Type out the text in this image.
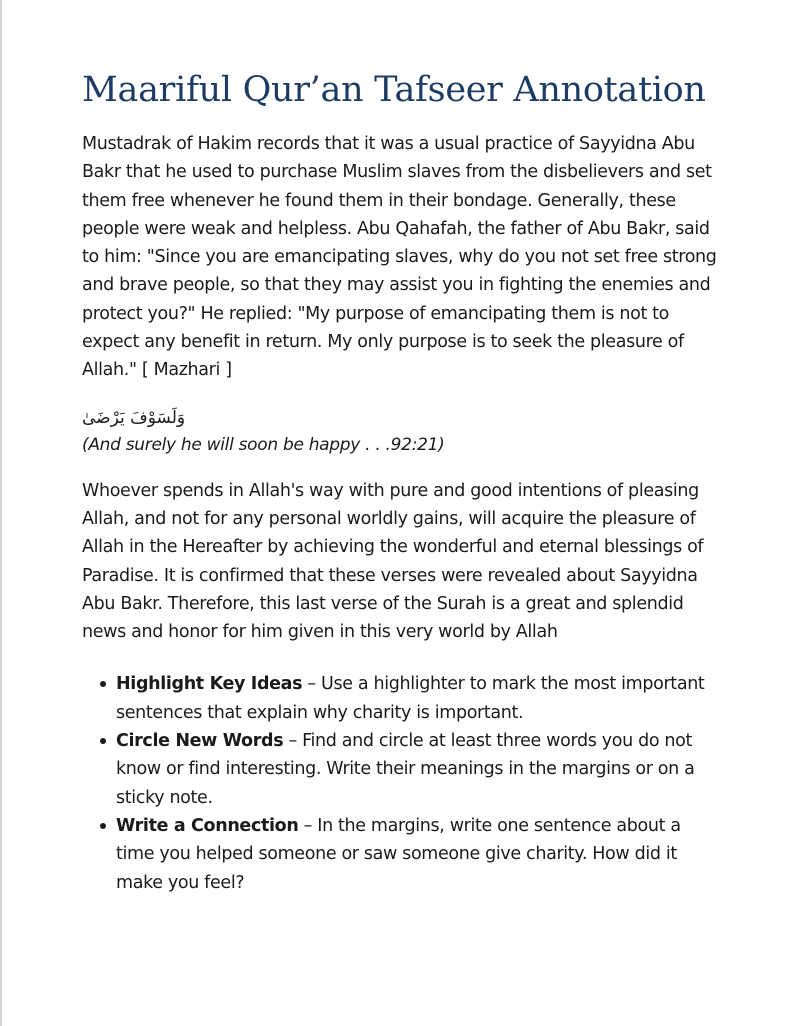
Maariful Qur’an Tafseer Annotation

Mustadrak of Hakim records that it was a usual practice of Sayyidna Abu Bakr that he used to purchase Muslim slaves from the disbelievers and set them free whenever he found them in their bondage. Generally, these people were weak and helpless. Abu Qahafah, the father of Abu Bakr, said to him: "Since you are emancipating slaves, why do you not set free strong and brave people, so that they may assist you in fighting the enemies and protect you?" He replied: "My purpose of emancipating them is not to expect any benefit in return. My only purpose is to seek the pleasure of Allah." [ Mazhari ]

وَلَسَوْفَ يَرْضَىٰ

(And surely he will soon be happy . . .92:21)

Whoever spends in Allah's way with pure and good intentions of pleasing Allah, and not for any personal worldly gains, will acquire the pleasure of Allah in the Hereafter by achieving the wonderful and eternal blessings of Paradise. It is confirmed that these verses were revealed about Sayyidna Abu Bakr. Therefore, this last verse of the Surah is a great and splendid news and honor for him given in this very world by Allah

Highlight Key Ideas – Use a highlighter to mark the most important sentences that explain why charity is important.
Circle New Words – Find and circle at least three words you do not know or find interesting. Write their meanings in the margins or on a sticky note.
Write a Connection – In the margins, write one sentence about a time you helped someone or saw someone give charity. How did it make you feel?
